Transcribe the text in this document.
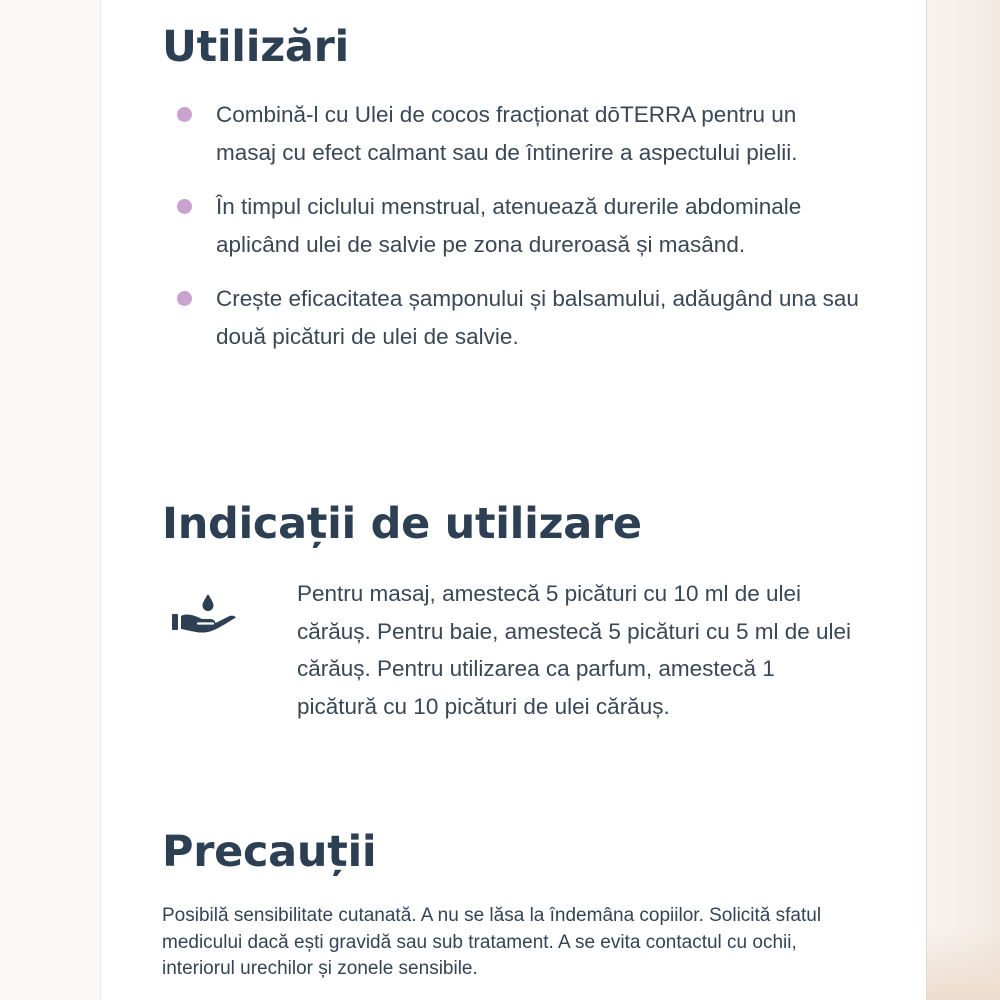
Utilizări
Combină-l cu Ulei de cocos fracționat dōTERRA pentru un masaj cu efect calmant sau de întinerire a aspectului pielii.
În timpul ciclului menstrual, atenuează durerile abdominale aplicând ulei de salvie pe zona dureroasă și masând.
Crește eficacitatea șamponului și balsamului, adăugând una sau două picături de ulei de salvie.
Indicații de utilizare

Pentru masaj, amestecă 5 picături cu 10 ml de ulei cărăuș. Pentru baie, amestecă 5 picături cu 5 ml de ulei cărăuș. Pentru utilizarea ca parfum, amestecă 1 picătură cu 10 picături de ulei cărăuș.

Precauții

Posibilă sensibilitate cutanată. A nu se lăsa la îndemâna copiilor. Solicită sfatul medicului dacă ești gravidă sau sub tratament. A se evita contactul cu ochii, interiorul urechilor și zonele sensibile.
